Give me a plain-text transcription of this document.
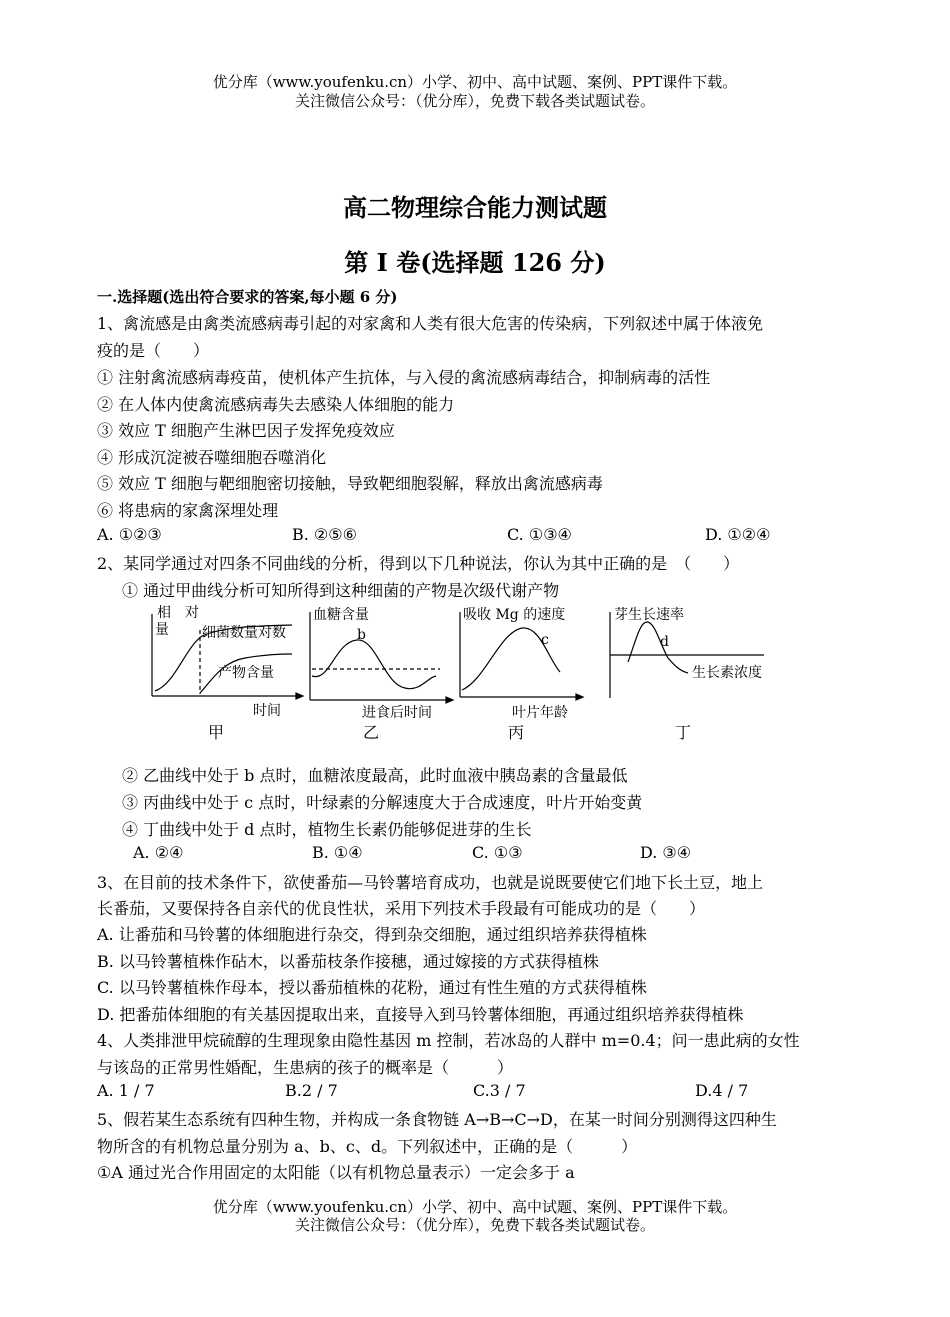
优分库（www.youfenku.cn）小学、初中、高中试题、案例、PPT课件下载。
关注微信公众号：（优分库），免费下载各类试题试卷。
高二物理综合能力测试题
第 I 卷(选择题 126 分)
一.选择题(选出符合要求的答案,每小题 6 分)
1、禽流感是由禽类流感病毒引起的对家禽和人类有很大危害的传染病，下列叙述中属于体液免
疫的是（　　）
① 注射禽流感病毒疫苗，使机体产生抗体，与入侵的禽流感病毒结合，抑制病毒的活性
② 在人体内使禽流感病毒失去感染人体细胞的能力
③ 效应 T 细胞产生淋巴因子发挥免疫效应
④ 形成沉淀被吞噬细胞吞噬消化
⑤ 效应 T 细胞与靶细胞密切接触，导致靶细胞裂解，释放出禽流感病毒
⑥ 将患病的家禽深埋处理
A. ①②③	B. ②⑤⑥	C. ①③④	D. ①②④
2、某同学通过对四条不同曲线的分析，得到以下几种说法，你认为其中正确的是　（　　）
① 通过甲曲线分析可知所得到这种细菌的产物是次级代谢产物
相　对
量 细菌数量对数
产物含量
时间
甲
血糖含量
b
进食后时间
乙
吸收 Mg 的速度
c
叶片年龄
丙
芽生长速率
d
生长素浓度
丁
② 乙曲线中处于 b 点时，血糖浓度最高，此时血液中胰岛素的含量最低
③ 丙曲线中处于 c 点时，叶绿素的分解速度大于合成速度，叶片开始变黄
④ 丁曲线中处于 d 点时，植物生长素仍能够促进芽的生长
A. ②④	B. ①④	C. ①③	D. ③④
3、在目前的技术条件下，欲使番茄—马铃薯培育成功，也就是说既要使它们地下长土豆，地上
长番茄，又要保持各自亲代的优良性状，采用下列技术手段最有可能成功的是（　　）
A. 让番茄和马铃薯的体细胞进行杂交，得到杂交细胞，通过组织培养获得植株
B. 以马铃薯植株作砧木，以番茄枝条作接穗，通过嫁接的方式获得植株
C. 以马铃薯植株作母本，授以番茄植株的花粉，通过有性生殖的方式获得植株
D. 把番茄体细胞的有关基因提取出来，直接导入到马铃薯体细胞，再通过组织培养获得植株
4、人类排泄甲烷硫醇的生理现象由隐性基因 m 控制，若冰岛的人群中 m=0.4；问一患此病的女性
与该岛的正常男性婚配，生患病的孩子的概率是（　　　）
A. 1 / 7	B.2 / 7	C.3 / 7	D.4 / 7
5、假若某生态系统有四种生物，并构成一条食物链 A→B→C→D，在某一时间分别测得这四种生
物所含的有机物总量分别为 a、b、c、d。下列叙述中，正确的是（　　　）
①A 通过光合作用固定的太阳能（以有机物总量表示）一定会多于 a
优分库（www.youfenku.cn）小学、初中、高中试题、案例、PPT课件下载。
关注微信公众号：（优分库），免费下载各类试题试卷。
